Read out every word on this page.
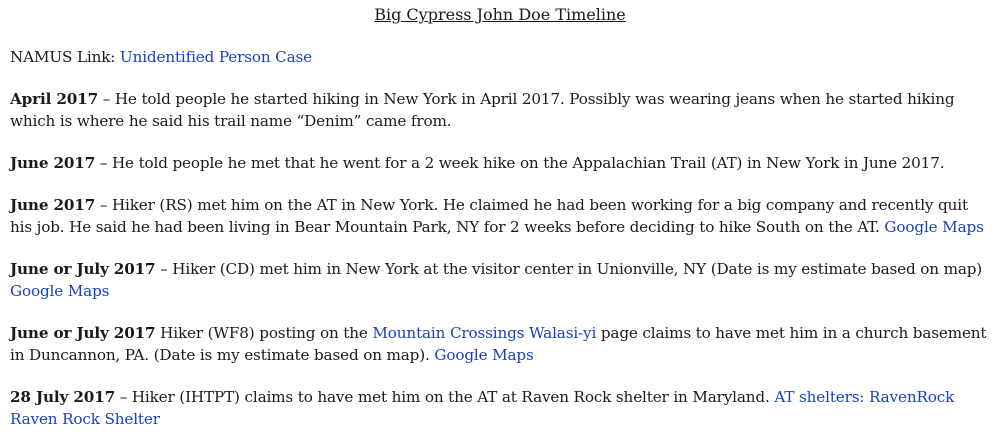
Big Cypress John Doe Timeline

NAMUS Link: Unidentified Person Case

April 2017 – He told people he started hiking in New York in April 2017. Possibly was wearing jeans when he started hiking which is where he said his trail name “Denim” came from.

June 2017 – He told people he met that he went for a 2 week hike on the Appalachian Trail (AT) in New York in June 2017.

June 2017 – Hiker (RS) met him on the AT in New York. He claimed he had been working for a big company and recently quit his job. He said he had been living in Bear Mountain Park, NY for 2 weeks before deciding to hike South on the AT. Google Maps

June or July 2017 – Hiker (CD) met him in New York at the visitor center in Unionville, NY (Date is my estimate based on map) Google Maps

June or July 2017 Hiker (WF8) posting on the Mountain Crossings Walasi-yi page claims to have met him in a church basement in Duncannon, PA. (Date is my estimate based on map). Google Maps

28 July 2017 – Hiker (IHTPT) claims to have met him on the AT at Raven Rock shelter in Maryland. AT shelters: RavenRock Raven Rock Shelter
